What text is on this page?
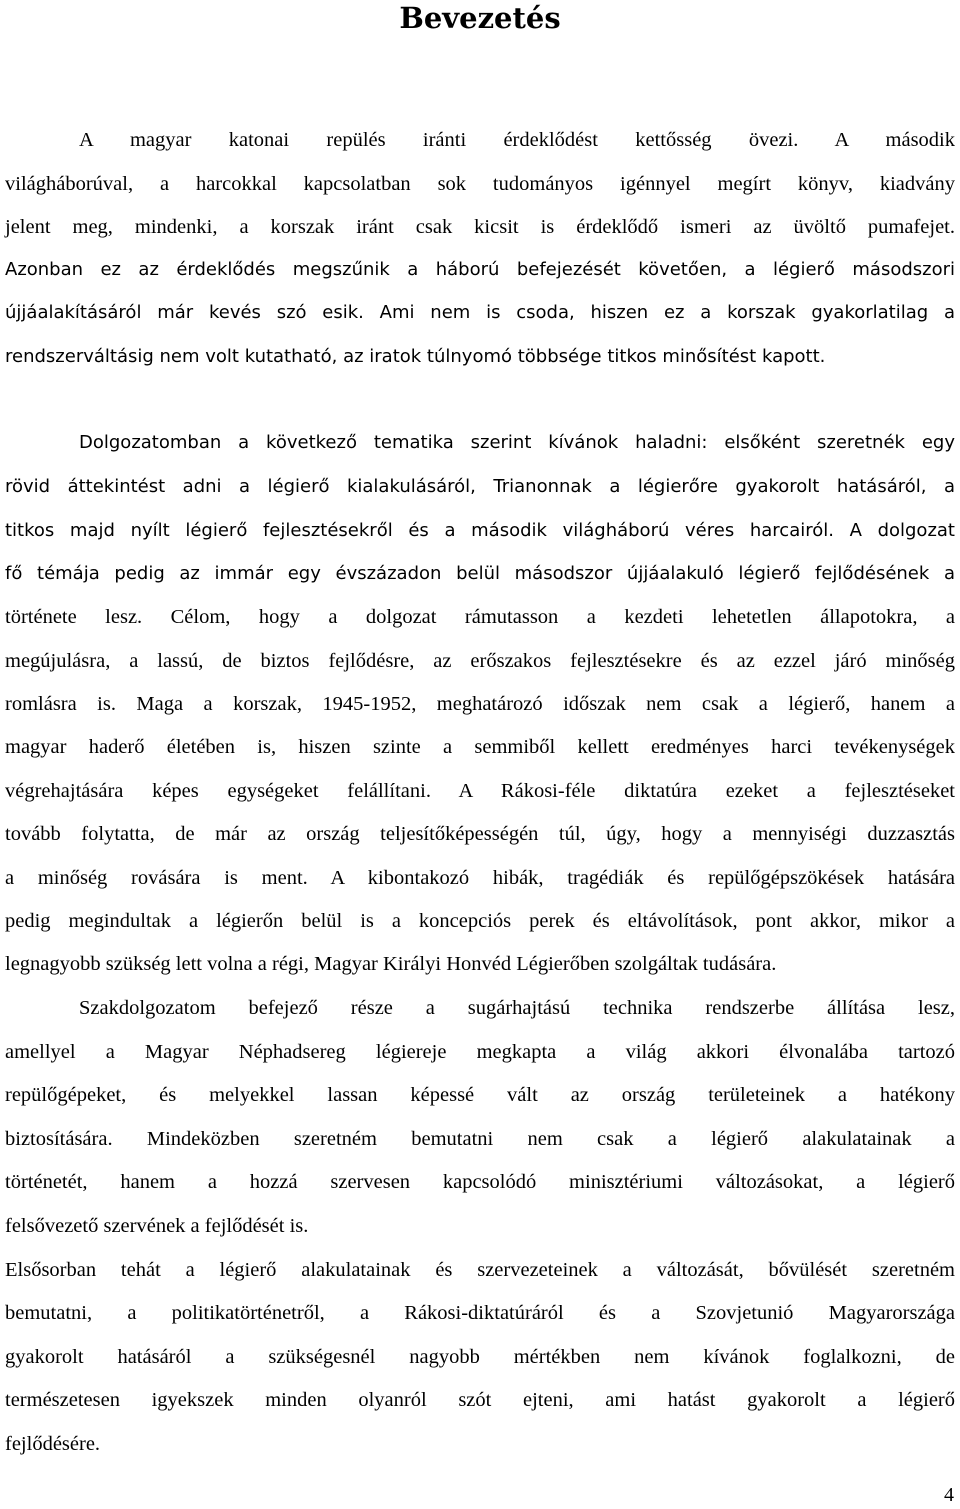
Bevezetés
A magyar katonai repülés iránti érdeklődést kettősség övezi. A második
világháborúval, a harcokkal kapcsolatban sok tudományos igénnyel megírt könyv, kiadvány
jelent meg, mindenki, a korszak iránt csak kicsit is érdeklődő ismeri az üvöltő pumafejet.
Azonban ez az érdeklődés megszűnik a háború befejezését követően, a légierő másodszori
újjáalakításáról már kevés szó esik. Ami nem is csoda, hiszen ez a korszak gyakorlatilag a
rendszerváltásig nem volt kutatható, az iratok túlnyomó többsége titkos minősítést kapott.
Dolgozatomban a következő tematika szerint kívánok haladni: elsőként szeretnék egy
rövid áttekintést adni a légierő kialakulásáról, Trianonnak a légierőre gyakorolt hatásáról, a
titkos majd nyílt légierő fejlesztésekről és a második világháború véres harcairól. A dolgozat
fő témája pedig az immár egy évszázadon belül másodszor újjáalakuló légierő fejlődésének a
története lesz. Célom, hogy a dolgozat rámutasson a kezdeti lehetetlen állapotokra, a
megújulásra, a lassú, de biztos fejlődésre, az erőszakos fejlesztésekre és az ezzel járó minőség
romlásra is. Maga a korszak, 1945-1952, meghatározó időszak nem csak a légierő, hanem a
magyar haderő életében is, hiszen szinte a semmiből kellett eredményes harci tevékenységek
végrehajtására képes egységeket felállítani. A Rákosi-féle diktatúra ezeket a fejlesztéseket
tovább folytatta, de már az ország teljesítőképességén túl, úgy, hogy a mennyiségi duzzasztás
a minőség rovására is ment. A kibontakozó hibák, tragédiák és repülőgépszökések hatására
pedig megindultak a légierőn belül is a koncepciós perek és eltávolítások, pont akkor, mikor a
legnagyobb szükség lett volna a régi, Magyar Királyi Honvéd Légierőben szolgáltak tudására.
Szakdolgozatom befejező része a sugárhajtású technika rendszerbe állítása lesz,
amellyel a Magyar Néphadsereg légiereje megkapta a világ akkori élvonalába tartozó
repülőgépeket, és melyekkel lassan képessé vált az ország területeinek a hatékony
biztosítására. Mindeközben szeretném bemutatni nem csak a légierő alakulatainak a
történetét, hanem a hozzá szervesen kapcsolódó minisztériumi változásokat, a légierő
felsővezető szervének a fejlődését is.
Elsősorban tehát a légierő alakulatainak és szervezeteinek a változását, bővülését szeretném
bemutatni, a politikatörténetről, a Rákosi-diktatúráról és a Szovjetunió Magyarországa
gyakorolt hatásáról a szükségesnél nagyobb mértékben nem kívánok foglalkozni, de
természetesen igyekszek minden olyanról szót ejteni, ami hatást gyakorolt a légierő
fejlődésére.
4
